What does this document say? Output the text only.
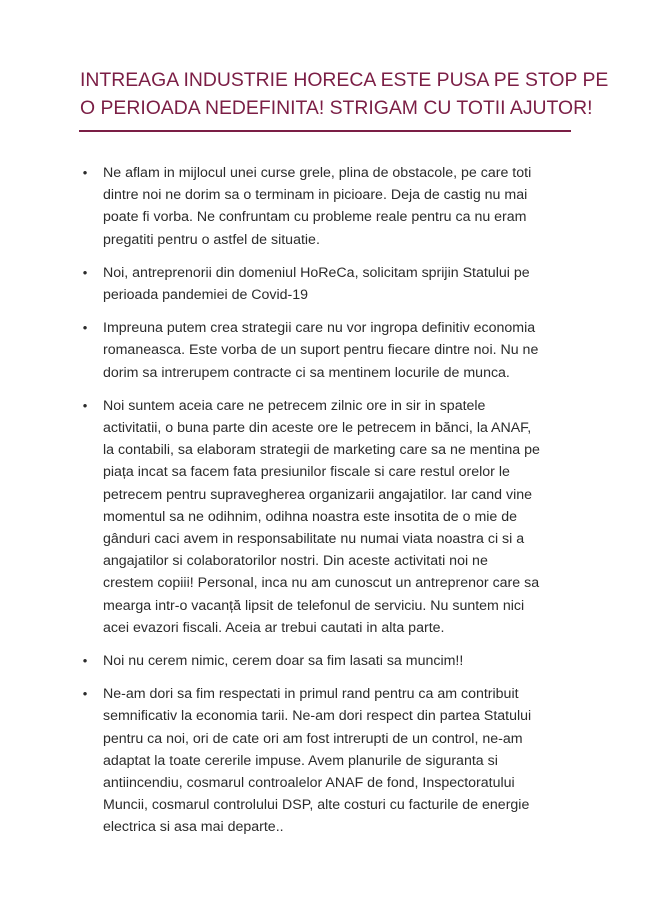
INTREAGA INDUSTRIE HORECA ESTE PUSA PE STOP PE
O PERIOADA NEDEFINITA! STRIGAM CU TOTII AJUTOR!
• Ne aflam in mijlocul unei curse grele, plina de obstacole, pe care toti
dintre noi ne dorim sa o terminam in picioare. Deja de castig nu mai
poate fi vorba. Ne confruntam cu probleme reale pentru ca nu eram
pregatiti pentru o astfel de situatie.
• Noi, antreprenorii din domeniul HoReCa, solicitam sprijin Statului pe
perioada pandemiei de Covid-19
• Impreuna putem crea strategii care nu vor ingropa definitiv economia
romaneasca. Este vorba de un suport pentru fiecare dintre noi. Nu ne
dorim sa intrerupem contracte ci sa mentinem locurile de munca.
• Noi suntem aceia care ne petrecem zilnic ore in sir in spatele
activitatii, o buna parte din aceste ore le petrecem in bănci, la ANAF,
la contabili, sa elaboram strategii de marketing care sa ne mentina pe
piața incat sa facem fata presiunilor fiscale si care restul orelor le
petrecem pentru supravegherea organizarii angajatilor. Iar cand vine
momentul sa ne odihnim, odihna noastra este insotita de o mie de
gânduri caci avem in responsabilitate nu numai viata noastra ci si a
angajatilor si colaboratorilor nostri. Din aceste activitati noi ne
crestem copiii! Personal, inca nu am cunoscut un antreprenor care sa
mearga intr-o vacanță lipsit de telefonul de serviciu. Nu suntem nici
acei evazori fiscali. Aceia ar trebui cautati in alta parte.
• Noi nu cerem nimic, cerem doar sa fim lasati sa muncim!!
• Ne-am dori sa fim respectati in primul rand pentru ca am contribuit
semnificativ la economia tarii. Ne-am dori respect din partea Statului
pentru ca noi, ori de cate ori am fost intrerupti de un control, ne-am
adaptat la toate cererile impuse. Avem planurile de siguranta si
antiincendiu, cosmarul controalelor ANAF de fond, Inspectoratului
Muncii, cosmarul controlului DSP, alte costuri cu facturile de energie
electrica si asa mai departe..
